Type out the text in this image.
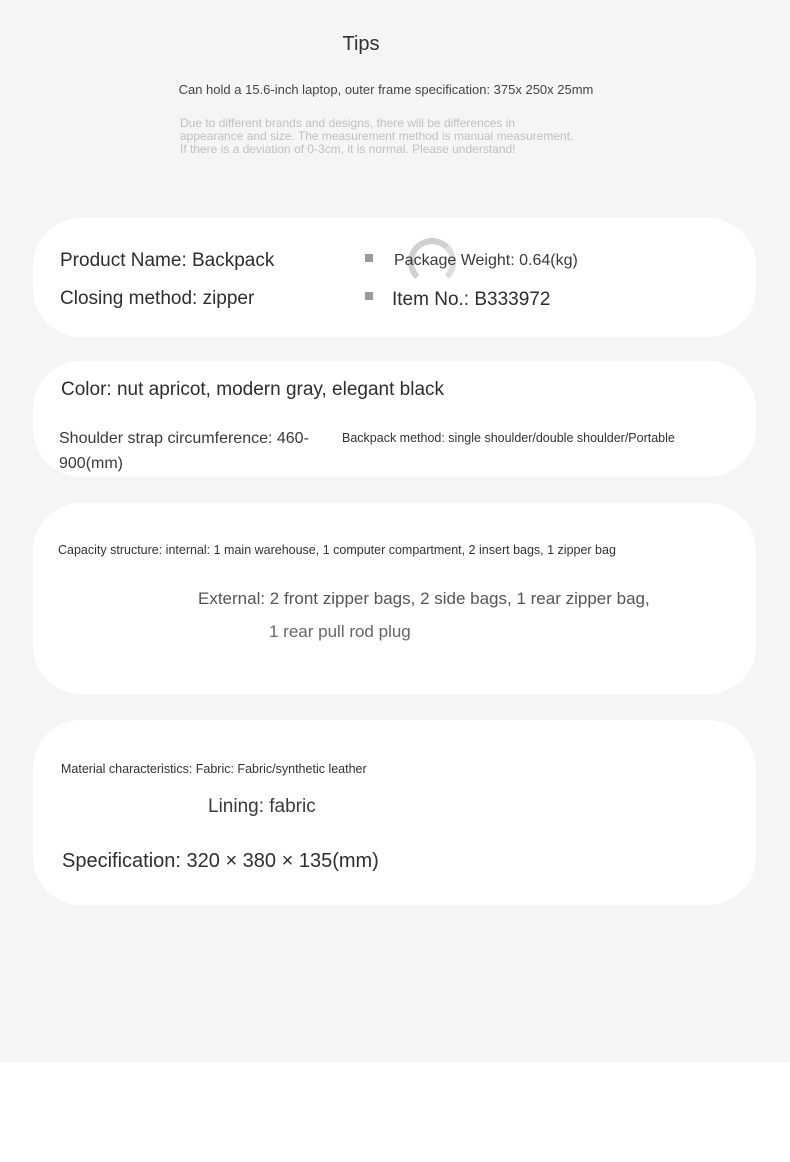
Tips
Can hold a 15.6-inch laptop, outer frame specification: 375x 250x 25mm
Due to different brands and designs, there will be differences in
appearance and size. The measurement method is manual measurement.
If there is a deviation of 0-3cm, it is normal. Please understand!
Product Name: Backpack
Closing method: zipper
Package Weight: 0.64(kg)
Item No.: B333972
Color: nut apricot, modern gray, elegant black
Shoulder strap circumference: 460-900(mm)
Backpack method: single shoulder/double shoulder/Portable
Capacity structure: internal: 1 main warehouse, 1 computer compartment, 2 insert bags, 1 zipper bag
External: 2 front zipper bags, 2 side bags, 1 rear zipper bag,
1 rear pull rod plug
Material characteristics: Fabric: Fabric/synthetic leather
Lining: fabric
Specification: 320 × 380 × 135(mm)
